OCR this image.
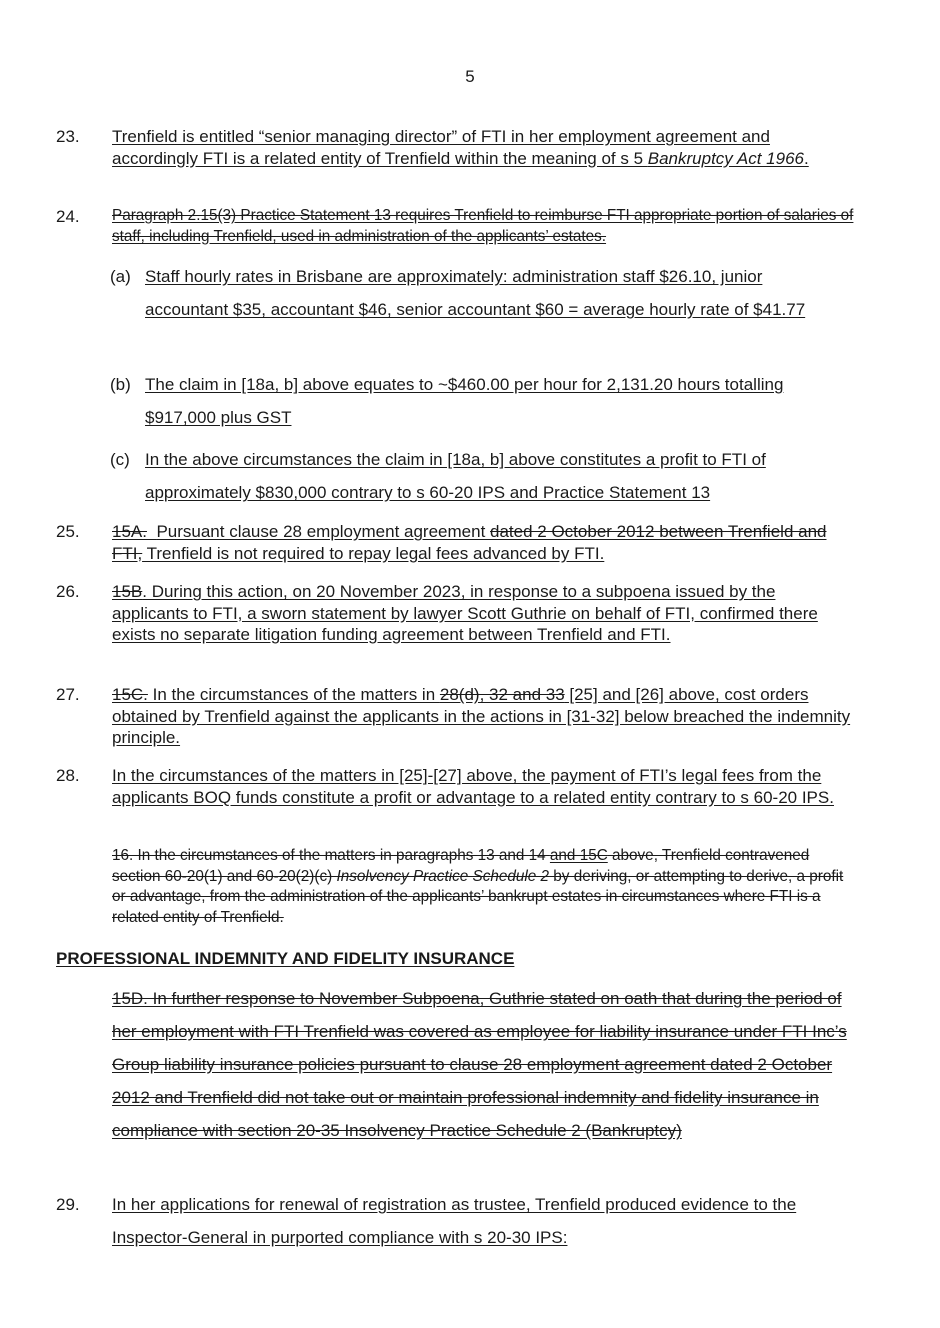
5
23.	Trenfield is entitled “senior managing director” of FTI in her employment agreement and accordingly FTI is a related entity of Trenfield within the meaning of s 5 Bankruptcy Act 1966.
24.	Paragraph 2.15(3) Practice Statement 13 requires Trenfield to reimburse FTI appropriate portion of salaries of staff, including Trenfield, used in administration of the applicants’ estates.
(a) Staff hourly rates in Brisbane are approximately: administration staff $26.10, junior accountant $35, accountant $46, senior accountant $60 = average hourly rate of $41.77
(b) The claim in [18a, b] above equates to ~$460.00 per hour for 2,131.20 hours totalling $917,000 plus GST
(c) In the above circumstances the claim in [18a, b] above constitutes a profit to FTI of approximately $830,000 contrary to s 60-20 IPS and Practice Statement 13
25.	15A. Pursuant clause 28 employment agreement dated 2 October 2012 between Trenfield and FTI, Trenfield is not required to repay legal fees advanced by FTI.
26.	15B. During this action, on 20 November 2023, in response to a subpoena issued by the applicants to FTI, a sworn statement by lawyer Scott Guthrie on behalf of FTI, confirmed there exists no separate litigation funding agreement between Trenfield and FTI.
27.	15C. In the circumstances of the matters in 28(d), 32 and 33 [25] and [26] above, cost orders obtained by Trenfield against the applicants in the actions in [31-32] below breached the indemnity principle.
28.	In the circumstances of the matters in [25]-[27] above, the payment of FTI’s legal fees from the applicants BOQ funds constitute a profit or advantage to a related entity contrary to s 60-20 IPS.
16. In the circumstances of the matters in paragraphs 13 and 14 and 15C above, Trenfield contravened section 60-20(1) and 60-20(2)(c) Insolvency Practice Schedule 2 by deriving, or attempting to derive, a profit or advantage, from the administration of the applicants’ bankrupt estates in circumstances where FTI is a related entity of Trenfield.
PROFESSIONAL INDEMNITY AND FIDELITY INSURANCE
15D. In further response to November Subpoena, Guthrie stated on oath that during the period of her employment with FTI Trenfield was covered as employee for liability insurance under FTI Inc’s Group liability insurance policies pursuant to clause 28 employment agreement dated 2 October 2012 and Trenfield did not take out or maintain professional indemnity and fidelity insurance in compliance with section 20-35 Insolvency Practice Schedule 2 (Bankruptcy)
29.	In her applications for renewal of registration as trustee, Trenfield produced evidence to the Inspector-General in purported compliance with s 20-30 IPS:
